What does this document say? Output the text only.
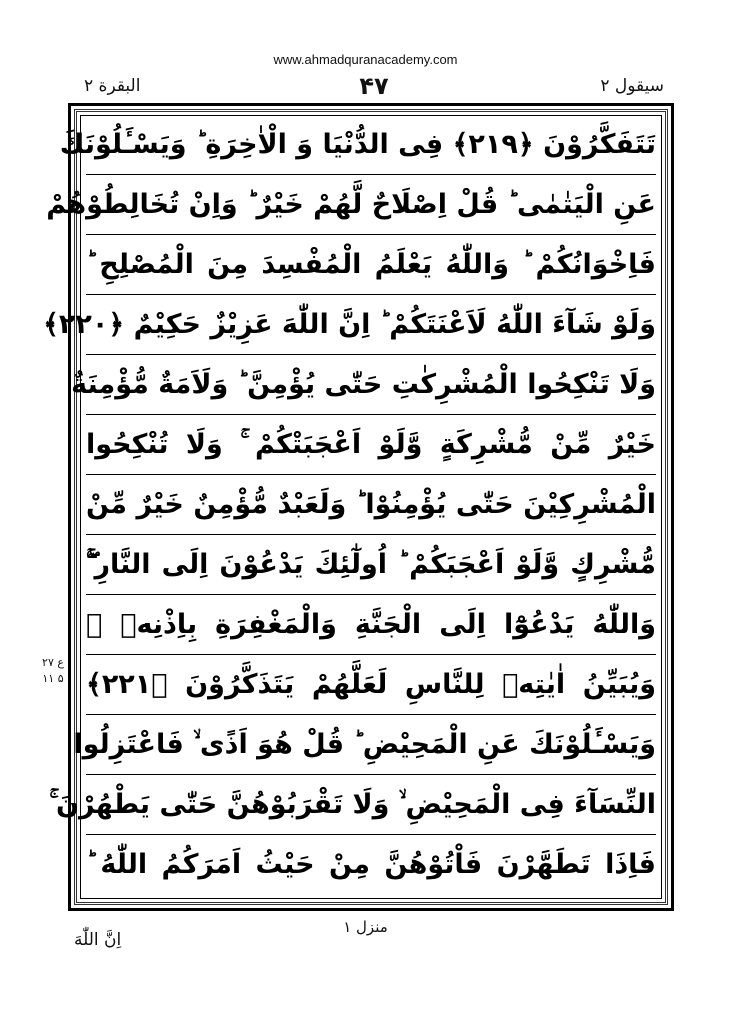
www.ahmadquranacademy.com
البقرة ۲	۴۷	سيقول ۲
تَتَفَكَّرُوْنَ ﴿۲۱۹﴾ فِى الدُّنْيَا وَ الْاٰخِرَةِ ؕ وَيَسْـَٔلُوْنَكَ
عَنِ الْيَتٰمٰى ؕ قُلْ اِصْلَاحٌ لَّهُمْ خَيْرٌ ؕ وَاِنْ تُخَالِطُوْهُمْ
فَاِخْوَانُكُمْ ؕ وَاللّٰهُ يَعْلَمُ الْمُفْسِدَ مِنَ الْمُصْلِحِ ؕ
وَلَوْ شَآءَ اللّٰهُ لَاَعْنَتَكُمْ ؕ اِنَّ اللّٰهَ عَزِيْزٌ حَكِيْمٌ ﴿۲۲۰﴾
وَلَا تَنْكِحُوا الْمُشْرِكٰتِ حَتّٰى يُؤْمِنَّ ؕ وَلَاَمَةٌ مُّؤْمِنَةٌ
خَيْرٌ مِّنْ مُّشْرِكَةٍ وَّلَوْ اَعْجَبَتْكُمْ ۚ وَلَا تُنْكِحُوا
الْمُشْرِكِيْنَ حَتّٰى يُؤْمِنُوْا ؕ وَلَعَبْدٌ مُّؤْمِنٌ خَيْرٌ مِّنْ
مُّشْرِكٍ وَّلَوْ اَعْجَبَكُمْ ؕ اُولٰٓئِكَ يَدْعُوْنَ اِلَى النَّارِ ۖۚ
وَاللّٰهُ يَدْعُوْٓا اِلَى الْجَنَّةِ وَالْمَغْفِرَةِ بِاِذْنِهٖ ۚ
وَيُبَيِّنُ اٰيٰتِهٖ لِلنَّاسِ لَعَلَّهُمْ يَتَذَكَّرُوْنَ ﴿۲۲۱﴾
وَيَسْـَٔلُوْنَكَ عَنِ الْمَحِيْضِ ؕ قُلْ هُوَ اَذًى ۙ فَاعْتَزِلُوا
النِّسَآءَ فِى الْمَحِيْضِ ۙ وَلَا تَقْرَبُوْهُنَّ حَتّٰى يَطْهُرْنَ ۚ
فَاِذَا تَطَهَّرْنَ فَاْتُوْهُنَّ مِنْ حَيْثُ اَمَرَكُمُ اللّٰهُ ؕ
۲۷ ع ۵ ۱۱
منزل ۱
اِنَّ اللّٰهَ
